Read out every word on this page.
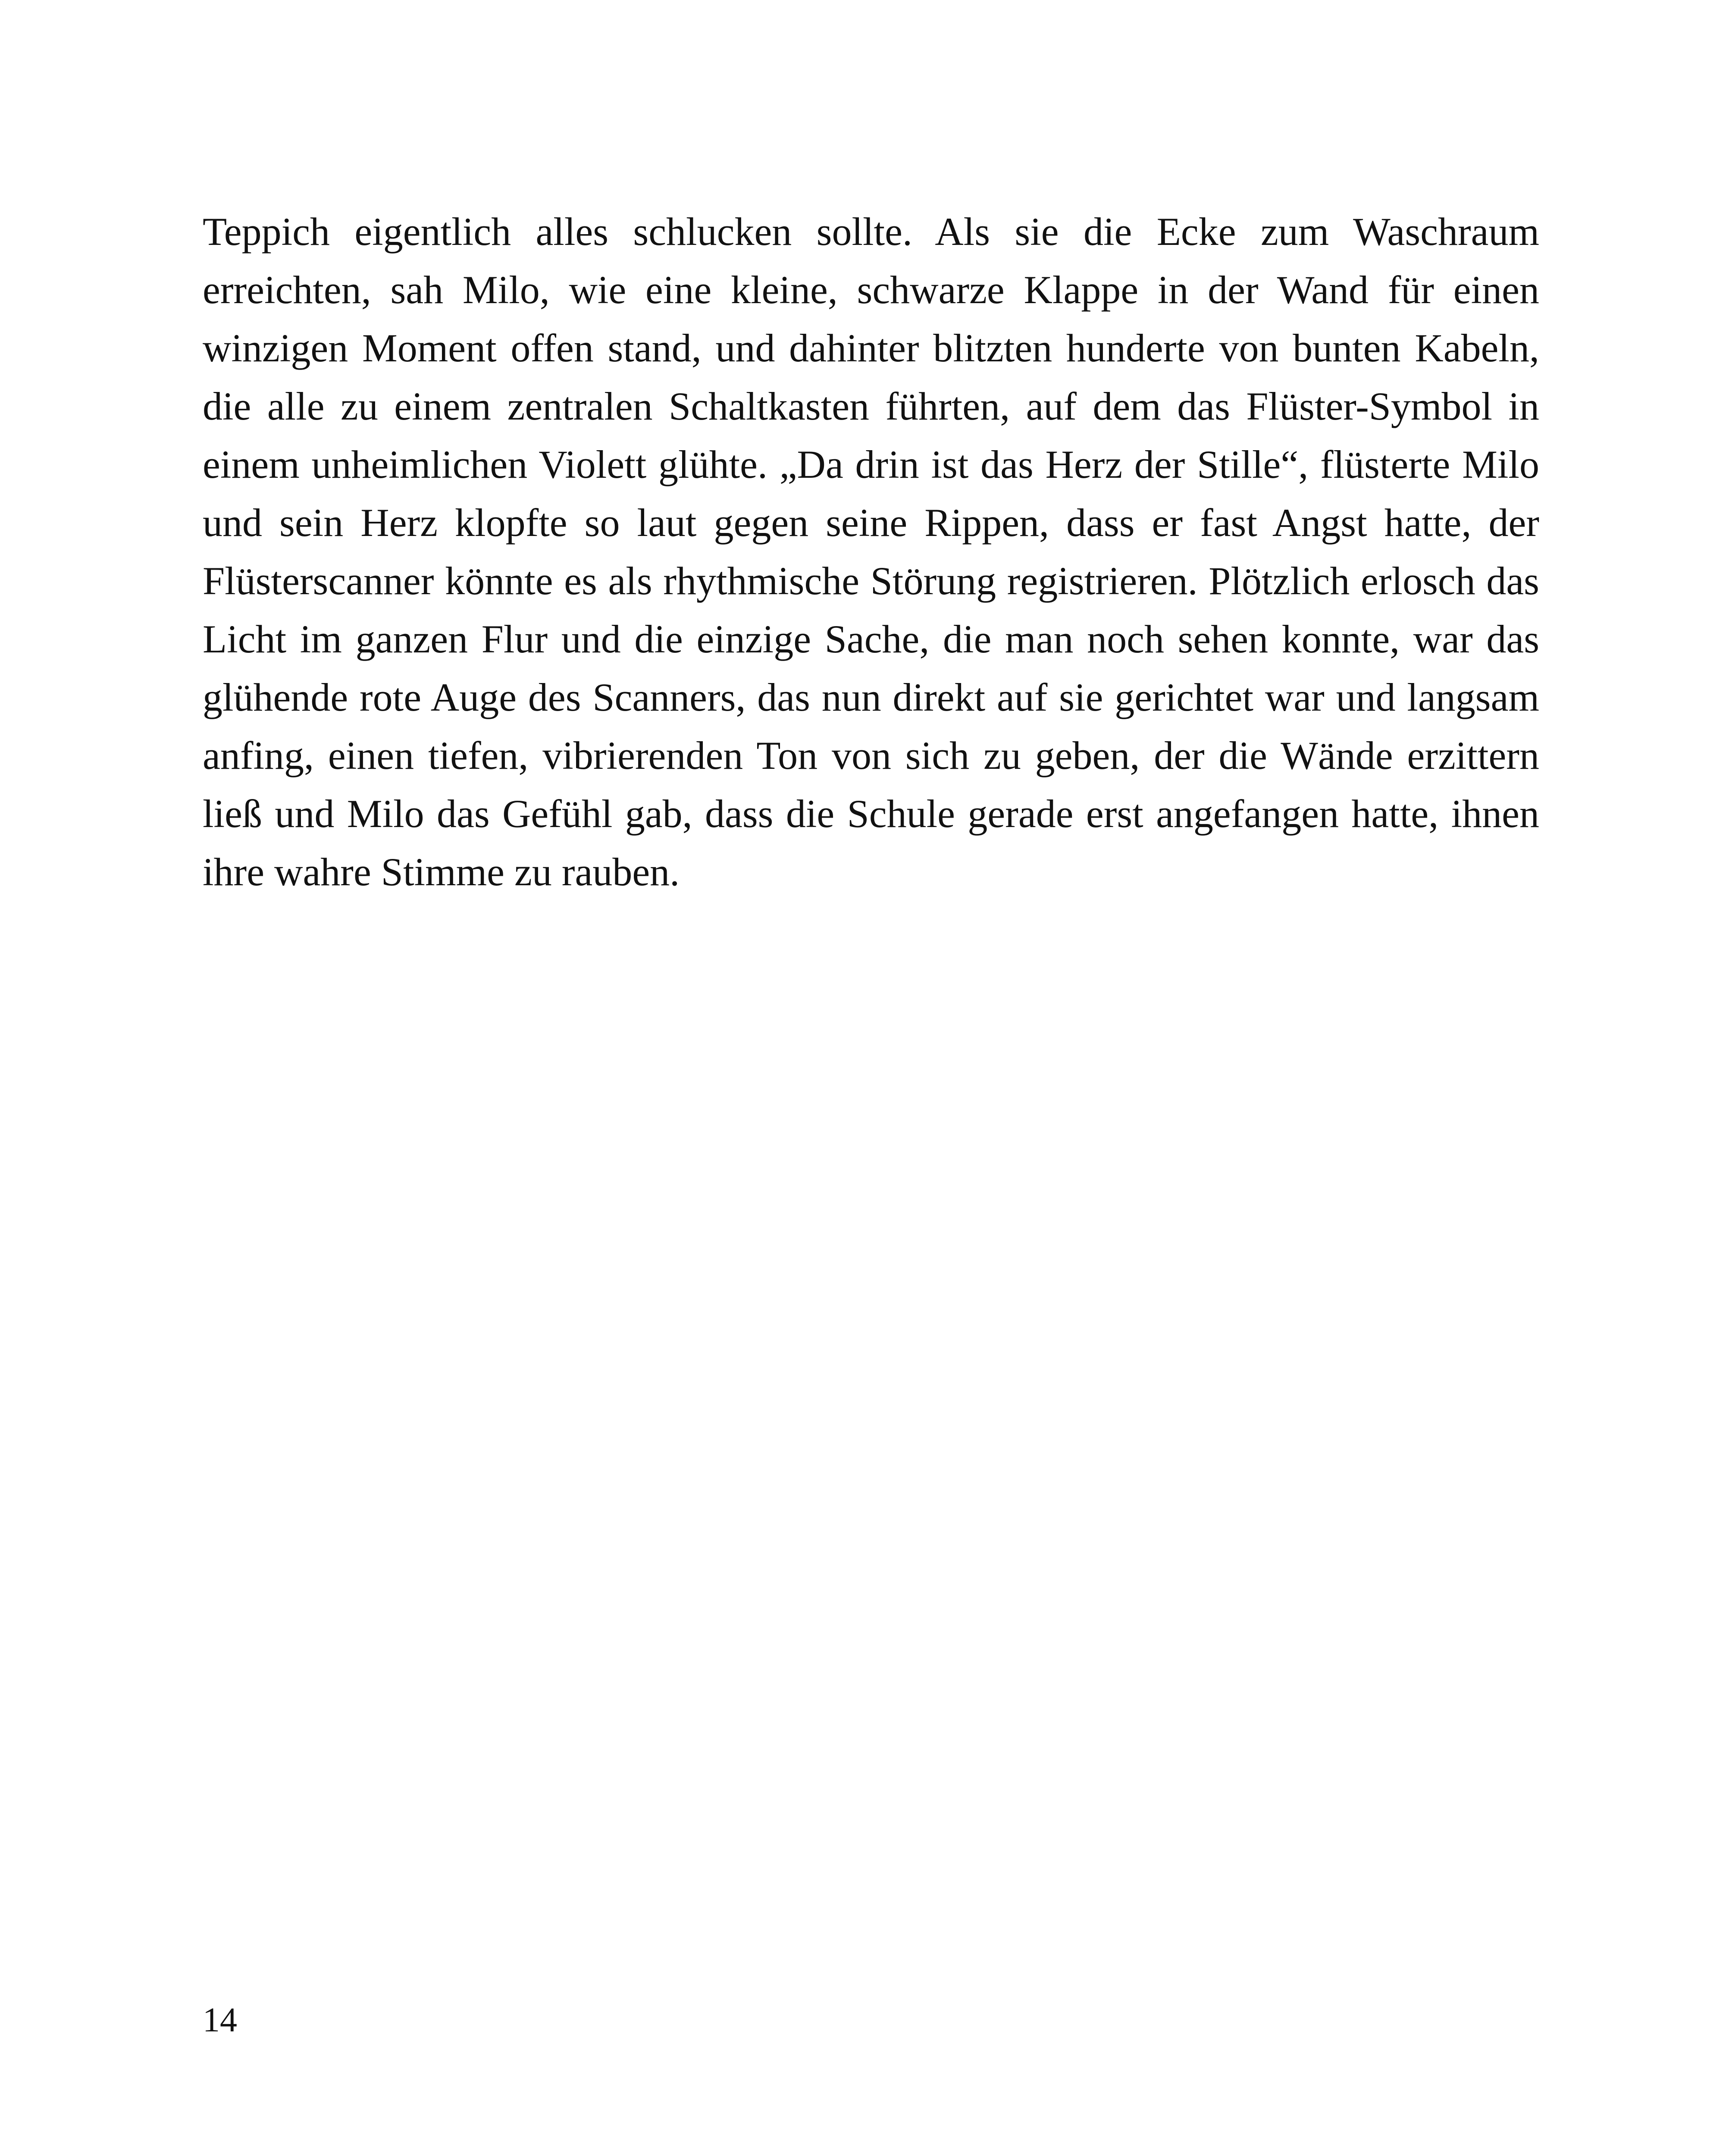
Teppich eigentlich alles schlucken sollte. Als sie die Ecke zum Waschraum erreichten, sah Milo, wie eine kleine, schwarze Klappe in der Wand für einen winzigen Moment offen stand, und dahinter blitzten hunderte von bunten Kabeln, die alle zu einem zentralen Schaltkasten führten, auf dem das Flüster-Symbol in einem unheimlichen Violett glühte. „Da drin ist das Herz der Stille“, flüsterte Milo und sein Herz klopfte so laut gegen seine Rippen, dass er fast Angst hatte, der Flüsterscanner könnte es als rhythmische Störung registrieren. Plötzlich erlosch das Licht im ganzen Flur und die einzige Sache, die man noch sehen konnte, war das glühende rote Auge des Scanners, das nun direkt auf sie gerichtet war und langsam anfing, einen tiefen, vibrierenden Ton von sich zu geben, der die Wände erzittern ließ und Milo das Gefühl gab, dass die Schule gerade erst angefangen hatte, ihnen ihre wahre Stimme zu rauben.

14
